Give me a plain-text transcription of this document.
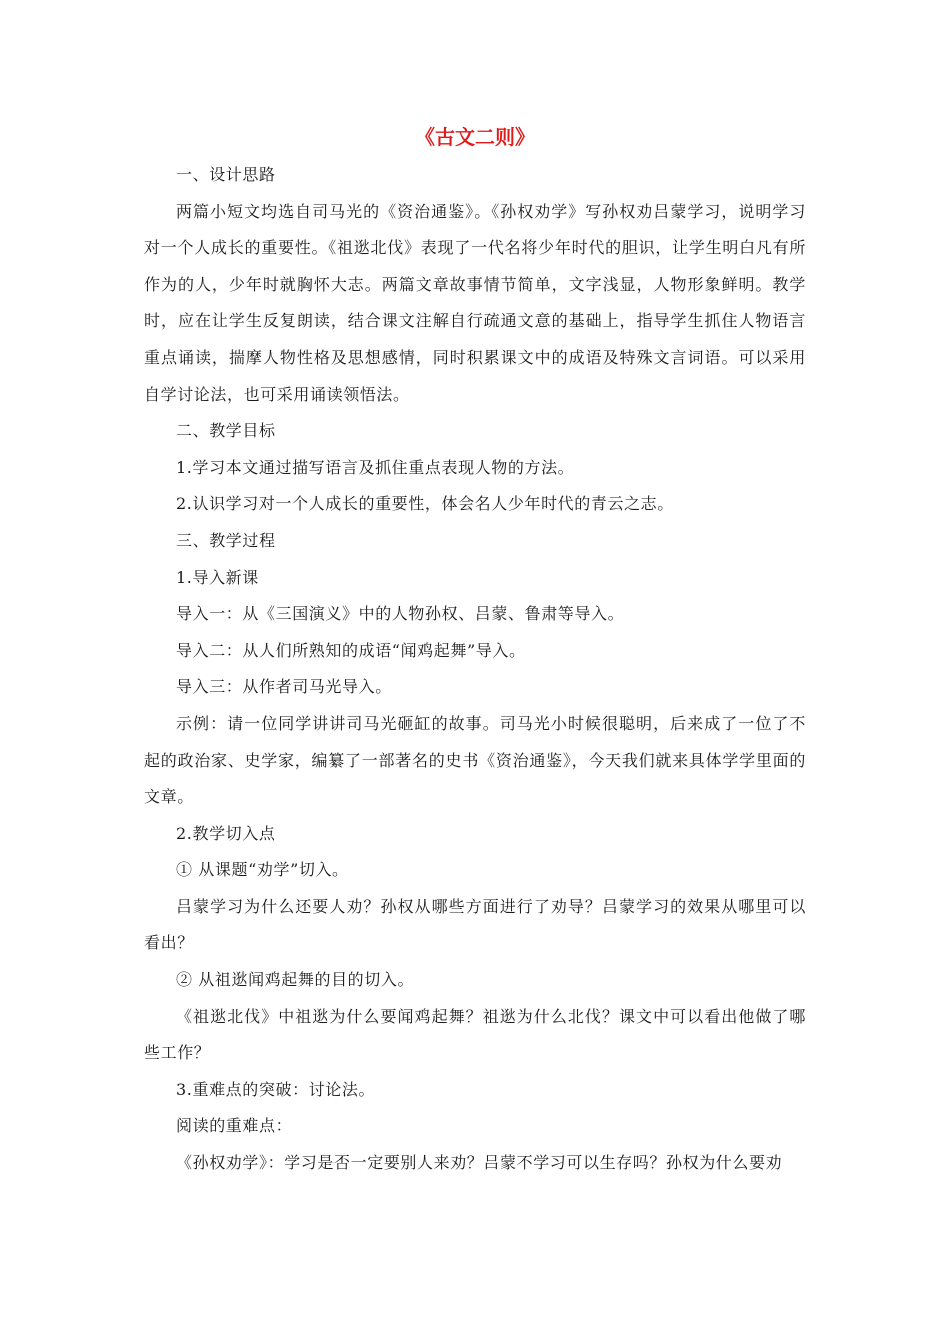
《古文二则》

一、设计思路

两篇小短文均选自司马光的《资治通鉴》。《孙权劝学》写孙权劝吕蒙学习，说明学习对一个人成长的重要性。《祖逖北伐》表现了一代名将少年时代的胆识，让学生明白凡有所作为的人，少年时就胸怀大志。两篇文章故事情节简单，文字浅显，人物形象鲜明。教学时，应在让学生反复朗读，结合课文注解自行疏通文意的基础上，指导学生抓住人物语言重点诵读，揣摩人物性格及思想感情，同时积累课文中的成语及特殊文言词语。可以采用自学讨论法，也可采用诵读领悟法。

二、教学目标

1.学习本文通过描写语言及抓住重点表现人物的方法。

2.认识学习对一个人成长的重要性，体会名人少年时代的青云之志。

三、教学过程

1.导入新课

导入一：从《三国演义》中的人物孙权、吕蒙、鲁肃等导入。

导入二：从人们所熟知的成语“闻鸡起舞”导入。

导入三：从作者司马光导入。

示例：请一位同学讲讲司马光砸缸的故事。司马光小时候很聪明，后来成了一位了不起的政治家、史学家，编纂了一部著名的史书《资治通鉴》，今天我们就来具体学学里面的文章。

2.教学切入点

① 从课题“劝学”切入。

吕蒙学习为什么还要人劝？孙权从哪些方面进行了劝导？吕蒙学习的效果从哪里可以看出？

② 从祖逖闻鸡起舞的目的切入。

《祖逖北伐》中祖逖为什么要闻鸡起舞？祖逖为什么北伐？课文中可以看出他做了哪些工作？

3.重难点的突破：讨论法。

阅读的重难点：

《孙权劝学》：学习是否一定要别人来劝？吕蒙不学习可以生存吗？孙权为什么要劝
